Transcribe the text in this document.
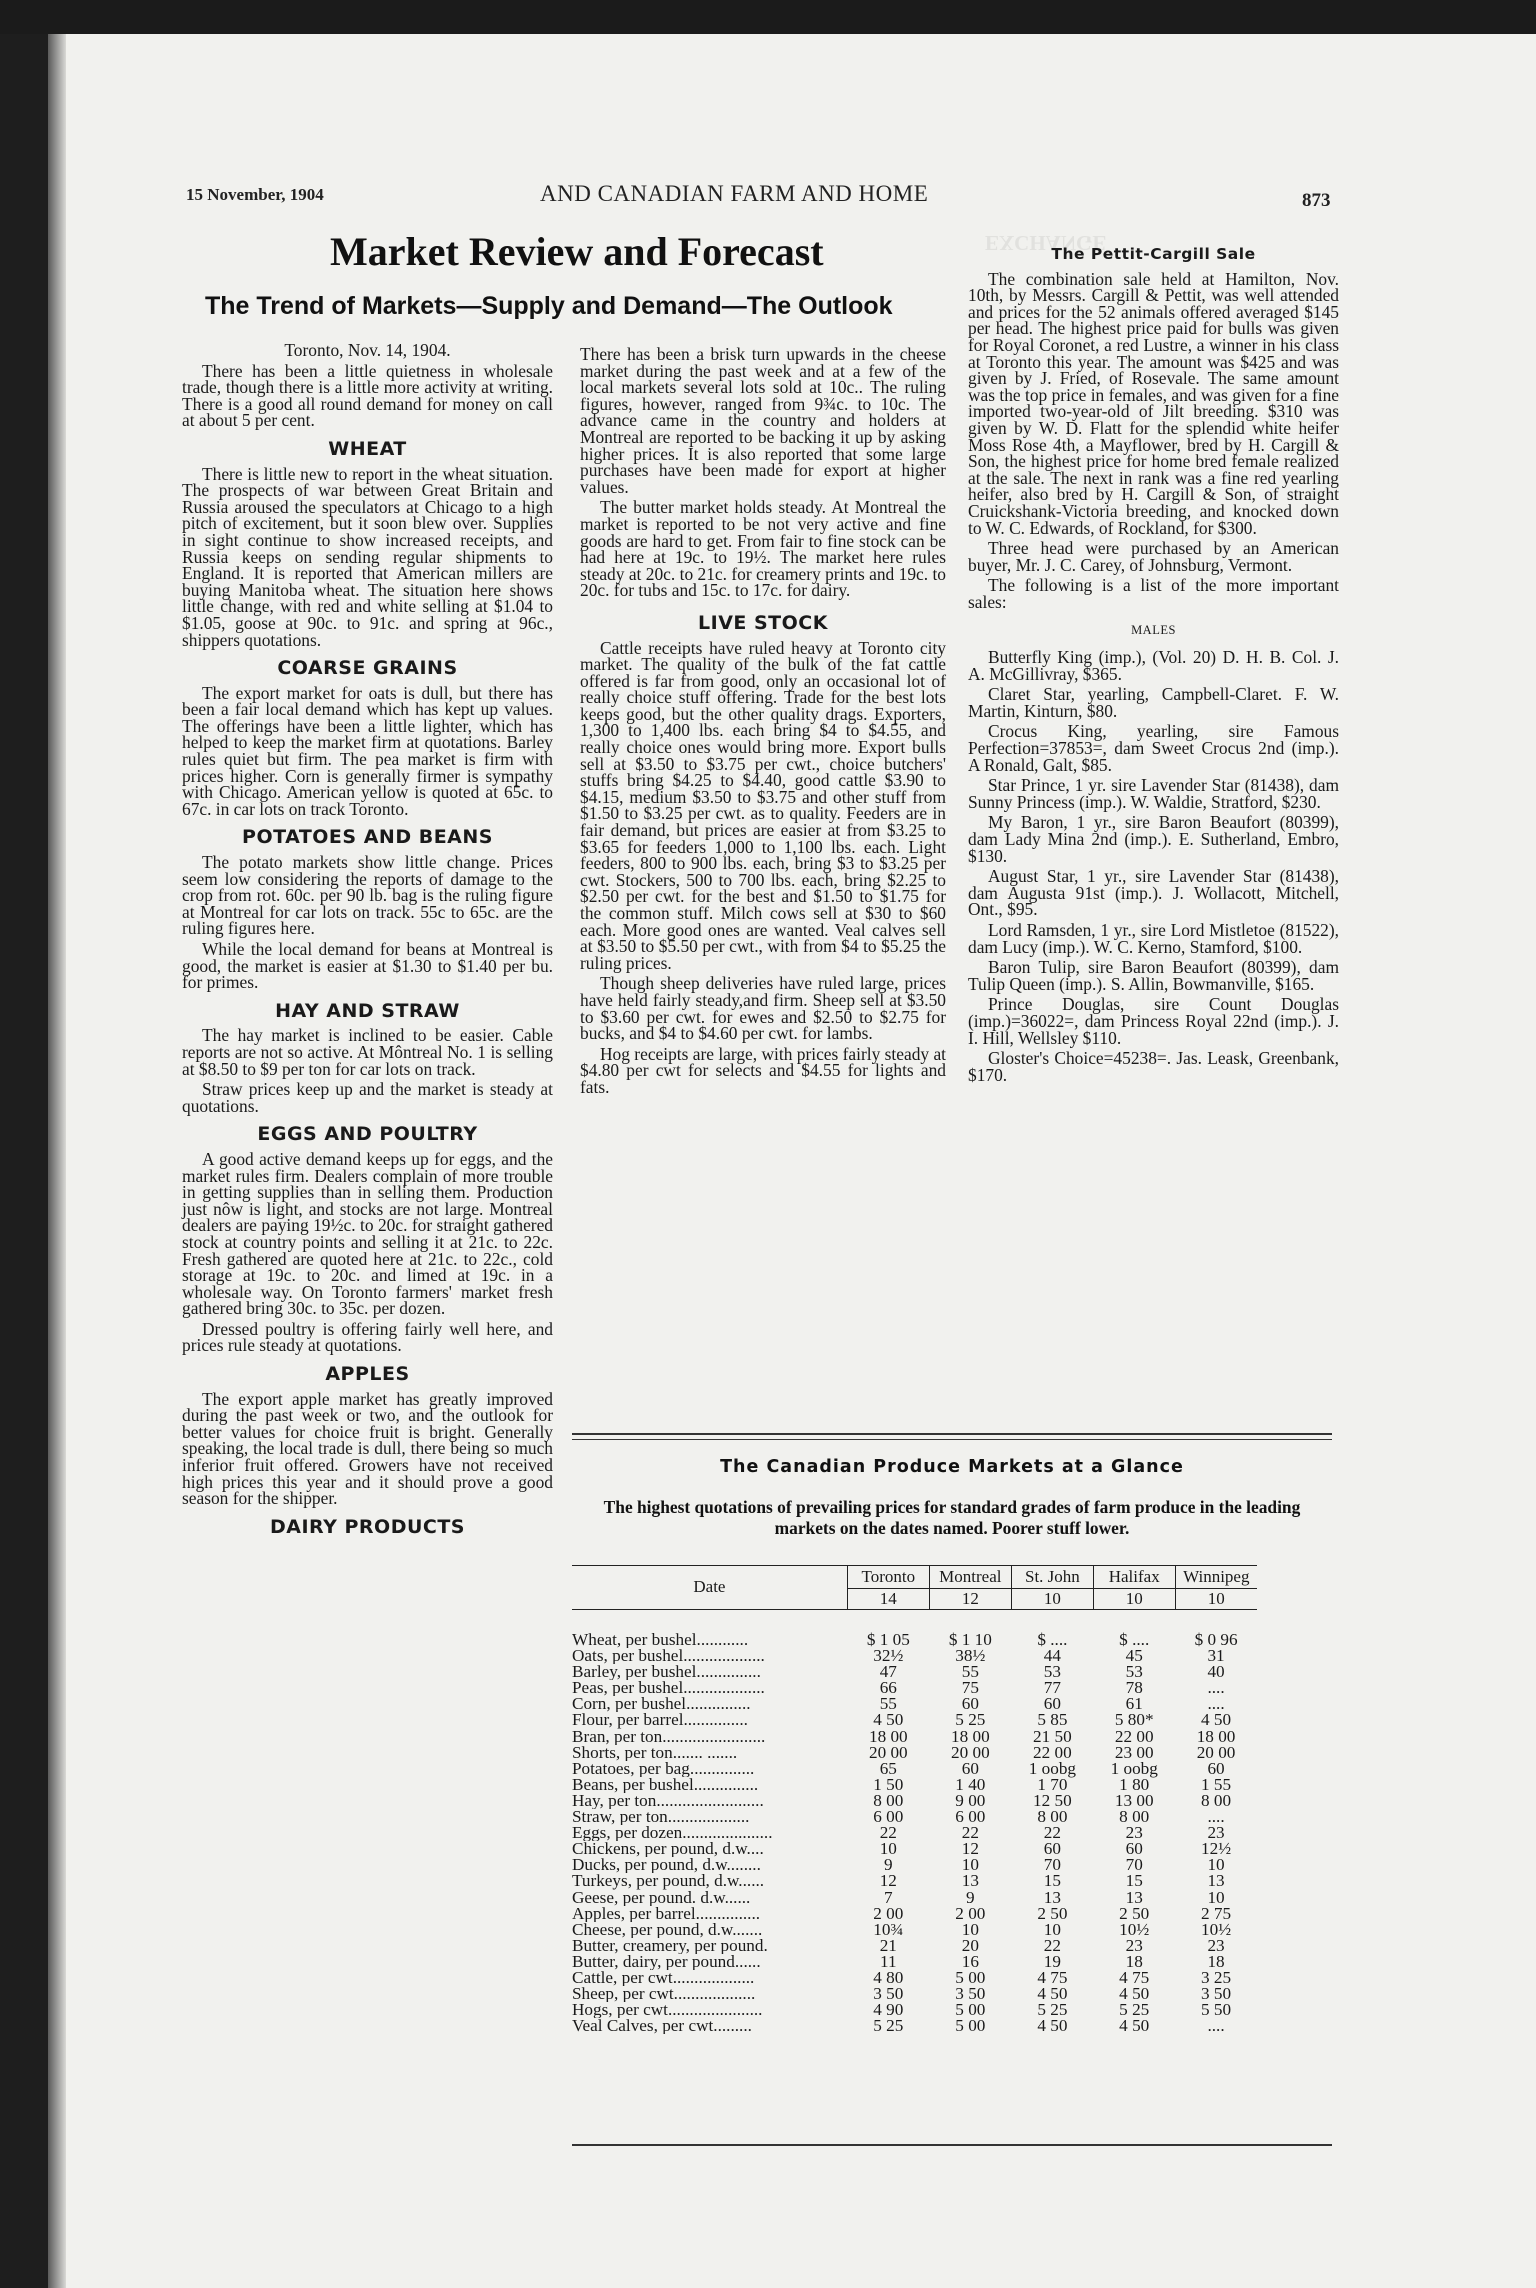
EXCHANGE
15 November, 1904	AND CANADIAN FARM AND HOME	873
Market Review and Forecast
The Trend of Markets—Supply and Demand—The Outlook
Toronto, Nov. 14, 1904.

There has been a little quietness in wholesale trade, though there is a little more activity at writing. There is a good all round demand for money on call at about 5 per cent.

WHEAT

There is little new to report in the wheat situation. The prospects of war between Great Britain and Russia aroused the speculators at Chicago to a high pitch of excitement, but it soon blew over. Supplies in sight continue to show increased receipts, and Russia keeps on sending regular shipments to England. It is reported that American millers are buying Manitoba wheat. The situation here shows little change, with red and white selling at $1.04 to $1.05, goose at 90c. to 91c. and spring at 96c., shippers quotations.

COARSE GRAINS

The export market for oats is dull, but there has been a fair local demand which has kept up values. The offerings have been a little lighter, which has helped to keep the market firm at quotations. Barley rules quiet but firm. The pea market is firm with prices higher. Corn is generally firmer is sympathy with Chicago. American yellow is quoted at 65c. to 67c. in car lots on track Toronto.

POTATOES AND BEANS

The potato markets show little change. Prices seem low considering the reports of damage to the crop from rot. 60c. per 90 lb. bag is the ruling figure at Montreal for car lots on track. 55c to 65c. are the ruling figures here.

While the local demand for beans at Montreal is good, the market is easier at $1.30 to $1.40 per bu. for primes.

HAY AND STRAW

The hay market is inclined to be easier. Cable reports are not so active. At Môntreal No. 1 is selling at $8.50 to $9 per ton for car lots on track.

Straw prices keep up and the market is steady at quotations.

EGGS AND POULTRY

A good active demand keeps up for eggs, and the market rules firm. Dealers complain of more trouble in getting supplies than in selling them. Production just nôw is light, and stocks are not large. Montreal dealers are paying 19½c. to 20c. for straight gathered stock at country points and selling it at 21c. to 22c. Fresh gathered are quoted here at 21c. to 22c., cold storage at 19c. to 20c. and limed at 19c. in a wholesale way. On Toronto farmers' market fresh gathered bring 30c. to 35c. per dozen.

Dressed poultry is offering fairly well here, and prices rule steady at quotations.

APPLES

The export apple market has greatly improved during the past week or two, and the outlook for better values for choice fruit is bright. Generally speaking, the local trade is dull, there being so much inferior fruit offered. Growers have not received high prices this year and it should prove a good season for the shipper.

DAIRY PRODUCTS

There has been a brisk turn upwards in the cheese market during the past week and at a few of the local markets several lots sold at 10c.. The ruling figures, however, ranged from 9¾c. to 10c. The advance came in the country and holders at Montreal are reported to be backing it up by asking higher prices. It is also reported that some large purchases have been made for export at higher values.

The butter market holds steady. At Montreal the market is reported to be not very active and fine goods are hard to get. From fair to fine stock can be had here at 19c. to 19½. The market here rules steady at 20c. to 21c. for creamery prints and 19c. to 20c. for tubs and 15c. to 17c. for dairy.

LIVE STOCK

Cattle receipts have ruled heavy at Toronto city market. The quality of the bulk of the fat cattle offered is far from good, only an occasional lot of really choice stuff offering. Trade for the best lots keeps good, but the other quality drags. Exporters, 1,300 to 1,400 lbs. each bring $4 to $4.55, and really choice ones would bring more. Export bulls sell at $3.50 to $3.75 per cwt., choice butchers' stuffs bring $4.25 to $4.40, good cattle $3.90 to $4.15, medium $3.50 to $3.75 and other stuff from $1.50 to $3.25 per cwt. as to quality. Feeders are in fair demand, but prices are easier at from $3.25 to $3.65 for feeders 1,000 to 1,100 lbs. each. Light feeders, 800 to 900 lbs. each, bring $3 to $3.25 per cwt. Stockers, 500 to 700 lbs. each, bring $2.25 to $2.50 per cwt. for the best and $1.50 to $1.75 for the common stuff. Milch cows sell at $30 to $60 each. More good ones are wanted. Veal calves sell at $3.50 to $5.50 per cwt., with from $4 to $5.25 the ruling prices.

Though sheep deliveries have ruled large, prices have held fairly steady,and firm. Sheep sell at $3.50 to $3.60 per cwt. for ewes and $2.50 to $2.75 for bucks, and $4 to $4.60 per cwt. for lambs.

Hog receipts are large, with prices fairly steady at $4.80 per cwt for selects and $4.55 for lights and fats.

The Pettit-Cargill Sale

The combination sale held at Hamilton, Nov. 10th, by Messrs. Cargill & Pettit, was well attended and prices for the 52 animals offered averaged $145 per head. The highest price paid for bulls was given for Royal Coronet, a red Lustre, a winner in his class at Toronto this year. The amount was $425 and was given by J. Fried, of Rosevale. The same amount was the top price in females, and was given for a fine imported two-year-old of Jilt breeding. $310 was given by W. D. Flatt for the splendid white heifer Moss Rose 4th, a Mayflower, bred by H. Cargill & Son, the highest price for home bred female realized at the sale. The next in rank was a fine red yearling heifer, also bred by H. Cargill & Son, of straight Cruickshank-Victoria breeding, and knocked down to W. C. Edwards, of Rockland, for $300.

Three head were purchased by an American buyer, Mr. J. C. Carey, of Johnsburg, Vermont.

The following is a list of the more important sales:

MALES

Butterfly King (imp.), (Vol. 20) D. H. B. Col. J. A. McGillivray, $365.

Claret Star, yearling, Campbell-Claret. F. W. Martin, Kinturn, $80.

Crocus King, yearling, sire Famous Perfection=37853=, dam Sweet Crocus 2nd (imp.). A Ronald, Galt, $85.

Star Prince, 1 yr. sire Lavender Star (81438), dam Sunny Princess (imp.). W. Waldie, Stratford, $230.

My Baron, 1 yr., sire Baron Beaufort (80399), dam Lady Mina 2nd (imp.). E. Sutherland, Embro, $130.

August Star, 1 yr., sire Lavender Star (81438), dam Augusta 91st (imp.). J. Wollacott, Mitchell, Ont., $95.

Lord Ramsden, 1 yr., sire Lord Mistletoe (81522), dam Lucy (imp.). W. C. Kerno, Stamford, $100.

Baron Tulip, sire Baron Beaufort (80399), dam Tulip Queen (imp.). S. Allin, Bowmanville, $165.

Prince Douglas, sire Count Douglas (imp.)=36022=, dam Princess Royal 22nd (imp.). J. I. Hill, Wellsley $110.

Gloster's Choice=45238=. Jas. Leask, Greenbank, $170.

The Canadian Produce Markets at a Glance
The highest quotations of prevailing prices for standard grades of farm produce in the leading markets on the dates named. Poorer stuff lower.
Date	Toronto	Montreal	St. John	Halifax	Winnipeg
	14	12	10	10	10

Wheat, per bushel............	$ 1 05	$ 1 10	$ ....	$ ....	$ 0 96
Oats, per bushel...................	32½	38½	44	45	31
Barley, per bushel...............	47	55	53	53	40
Peas, per bushel...................	66	75	77	78	....
Corn, per bushel...............	55	60	60	61	....
Flour, per barrel...............	4 50	5 25	5 85	5 80*	4 50
Bran, per ton........................	18 00	18 00	21 50	22 00	18 00
Shorts, per ton....... .......	20 00	20 00	22 00	23 00	20 00
Potatoes, per bag...............	65	60	1 oobg	1 oobg	60
Beans, per bushel...............	1 50	1 40	1 70	1 80	1 55
Hay, per ton.........................	8 00	9 00	12 50	13 00	8 00
Straw, per ton...................	6 00	6 00	8 00	8 00	....
Eggs, per dozen.....................	22	22	22	23	23
Chickens, per pound, d.w....	10	12	60	60	12½
Ducks, per pound, d.w........	9	10	70	70	10
Turkeys, per pound, d.w......	12	13	15	15	13
Geese, per pound. d.w......	7	9	13	13	10
Apples, per barrel...............	2 00	2 00	2 50	2 50	2 75
Cheese, per pound, d.w.......	10¾	10	10	10½	10½
Butter, creamery, per pound.	21	20	22	23	23
Butter, dairy, per pound......	11	16	19	18	18
Cattle, per cwt...................	4 80	5 00	4 75	4 75	3 25
Sheep, per cwt...................	3 50	3 50	4 50	4 50	3 50
Hogs, per cwt......................	4 90	5 00	5 25	5 25	5 50
Veal Calves, per cwt.........	5 25	5 00	4 50	4 50	....
